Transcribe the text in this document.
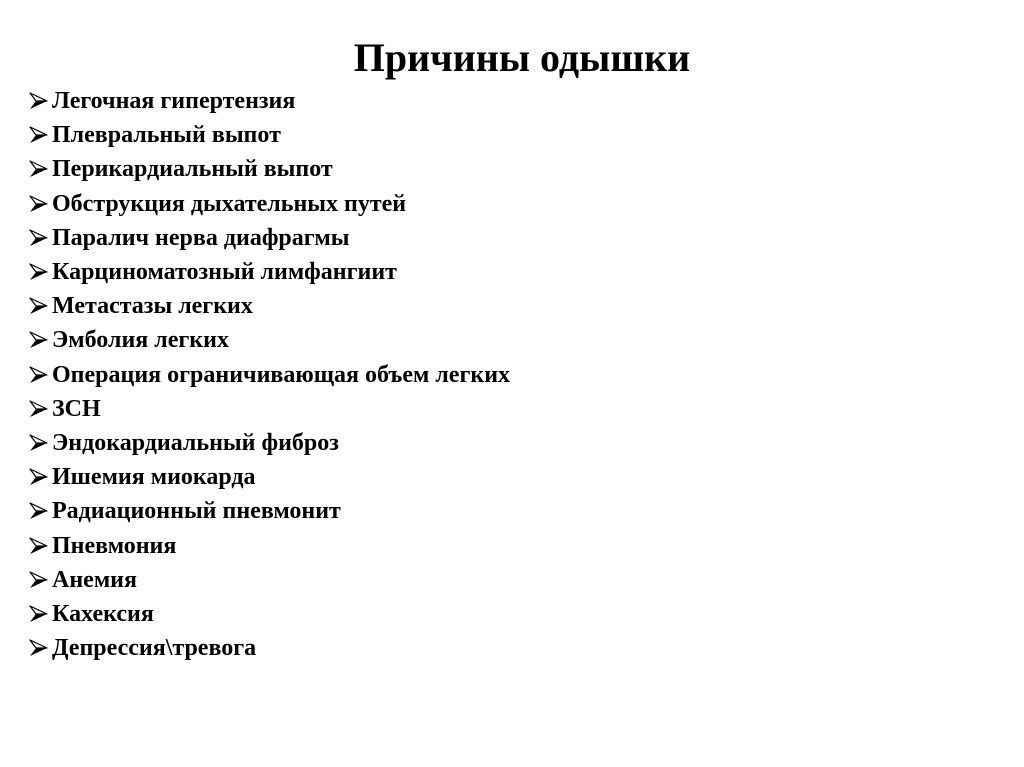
Причины одышки
Легочная гипертензия
Плевральный выпот
Перикардиальный выпот
Обструкция дыхательных путей
Паралич нерва диафрагмы
Карциноматозный лимфангиит
Метастазы легких
Эмболия легких
Операция ограничивающая объем легких
ЗСН
Эндокардиальный фиброз
Ишемия миокарда
Радиационный пневмонит
Пневмония
Анемия
Кахексия
Депрессия\тревога
